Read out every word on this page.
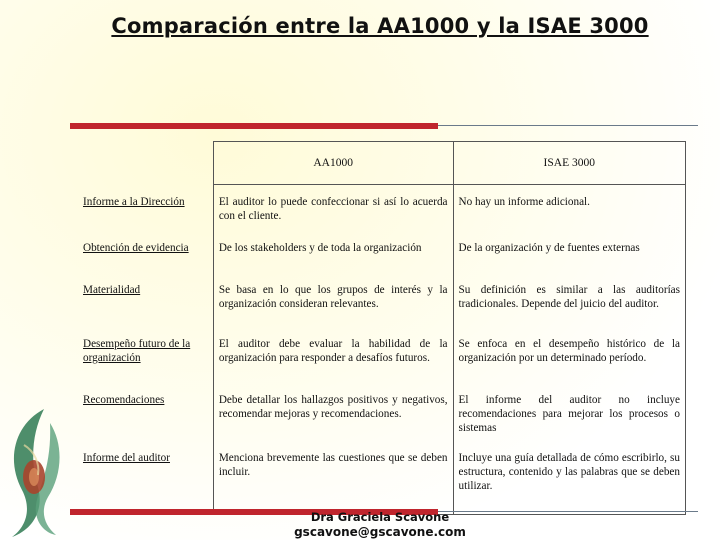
Comparación entre la AA1000 y la ISAE 3000
	AA1000	ISAE 3000
Informe a la Dirección	El auditor lo puede confeccionar si así lo acuerda con el cliente.	No hay un informe adicional.
Obtención de evidencia	De los stakeholders y de toda la organización	De la organización y de fuentes externas
Materialidad	Se basa en lo que los grupos de interés y la organización consideran relevantes.	Su definición es similar a las auditorías tradicionales. Depende del juicio del auditor.
Desempeño futuro de la organización	El auditor debe evaluar la habilidad de la organización para responder a desafíos futuros.	Se enfoca en el desempeño histórico de la organización por un determinado período.
Recomendaciones	Debe detallar los hallazgos positivos y negativos, recomendar mejoras y recomendaciones.	El informe del auditor no incluye recomendaciones para mejorar los procesos o sistemas
Informe del auditor	Menciona brevemente las cuestiones que se deben incluir.	Incluye una guía detallada de cómo escribirlo, su estructura, contenido y las palabras que se deben utilizar.
Dra Graciela Scavone
gscavone@gscavone.com
